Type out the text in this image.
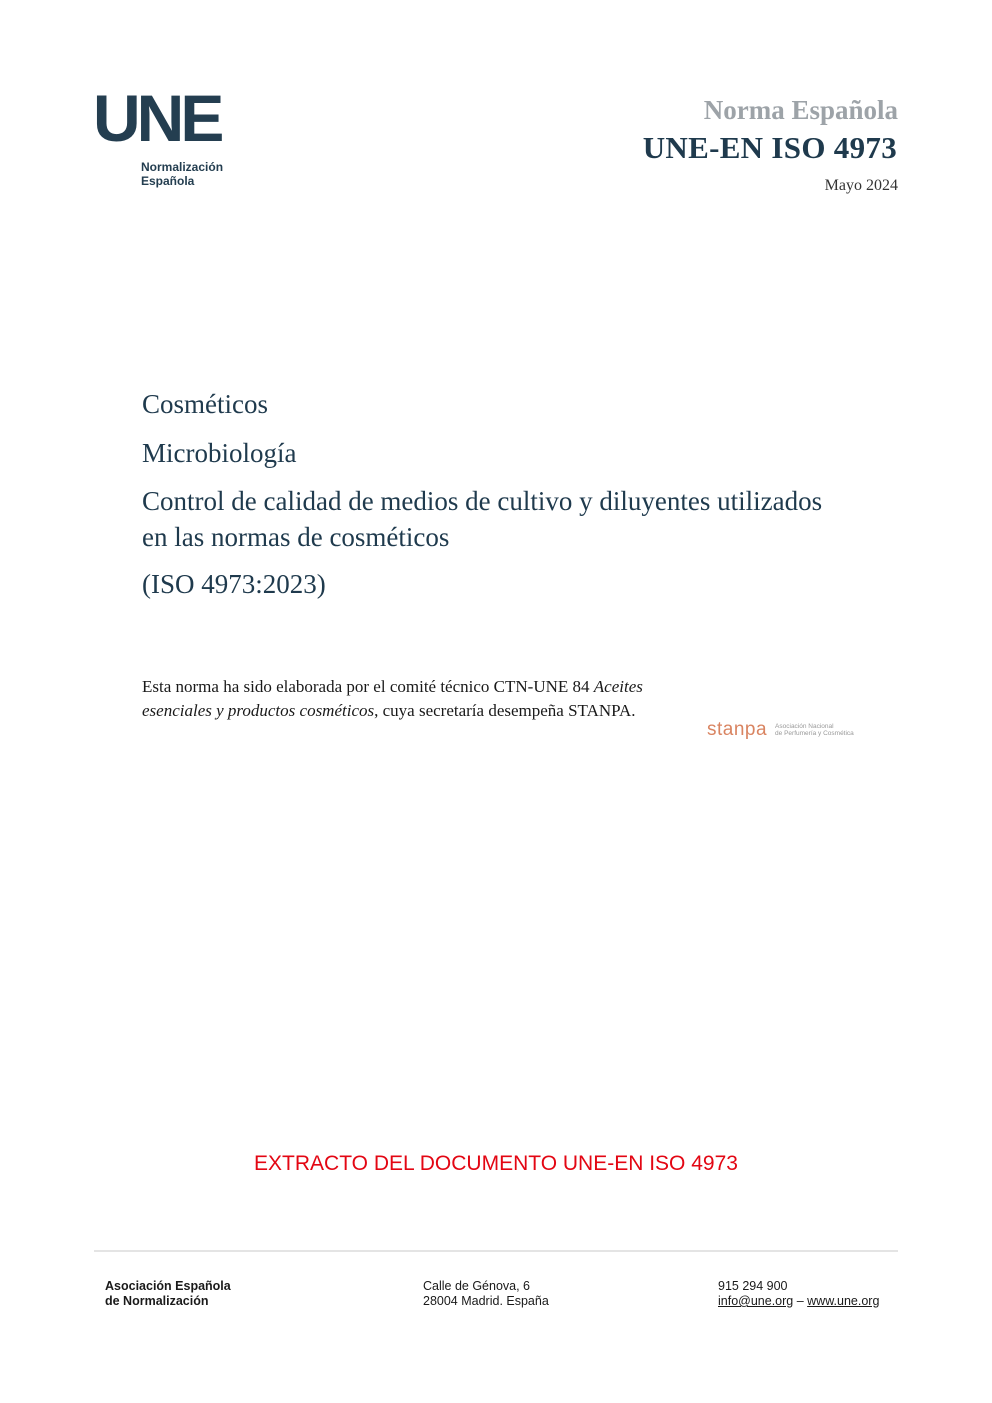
UNE
Normalización
Española
Norma Española
UNE-EN ISO 4973
Mayo 2024
Cosméticos
Microbiología
Control de calidad de medios de cultivo y diluyentes utilizados en las normas de cosméticos
(ISO 4973:2023)
Esta norma ha sido elaborada por el comité técnico CTN-UNE 84 Aceites esenciales y productos cosméticos, cuya secretaría desempeña STANPA.
stanpa Asociación Nacional
de Perfumería y Cosmética
EXTRACTO DEL DOCUMENTO UNE-EN ISO 4973
Asociación Española
de Normalización
Calle de Génova, 6
28004 Madrid. España
915 294 900
info@une.org – www.une.org
